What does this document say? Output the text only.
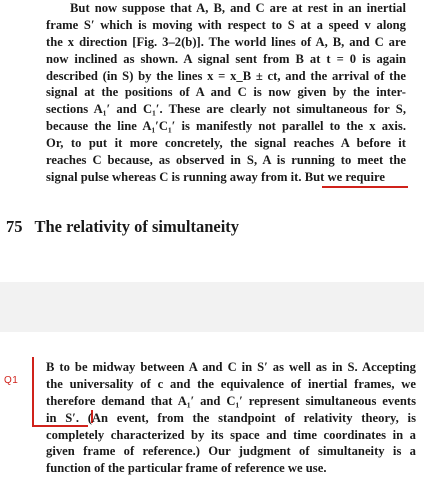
But now suppose that A, B, and C are at rest in an inertial
frame S′ which is moving with respect to S at a speed v along
the x direction [Fig. 3–2(b)]. The world lines of A, B, and C are
now inclined as shown. A signal sent from B at t = 0 is again
described (in S) by the lines x = x_B ± ct, and the arrival of the
signal at the positions of A and C is now given by the inter-
sections A₁′ and C₁′. These are clearly not simultaneous for S,
because the line A₁′C₁′ is manifestly not parallel to the x axis.
Or, to put it more concretely, the signal reaches A before it
reaches C because, as observed in S, A is running to meet the
signal pulse whereas C is running away from it. But we require
75 The relativity of simultaneity
Q1
B to be midway between A and C in S′ as well as in S. Accepting
the universality of c and the equivalence of inertial frames, we
therefore demand that A₁′ and C₁′ represent simultaneous events
in S′. (An event, from the standpoint of relativity theory, is
completely characterized by its space and time coordinates in a
given frame of reference.) Our judgment of simultaneity is a
function of the particular frame of reference we use.
